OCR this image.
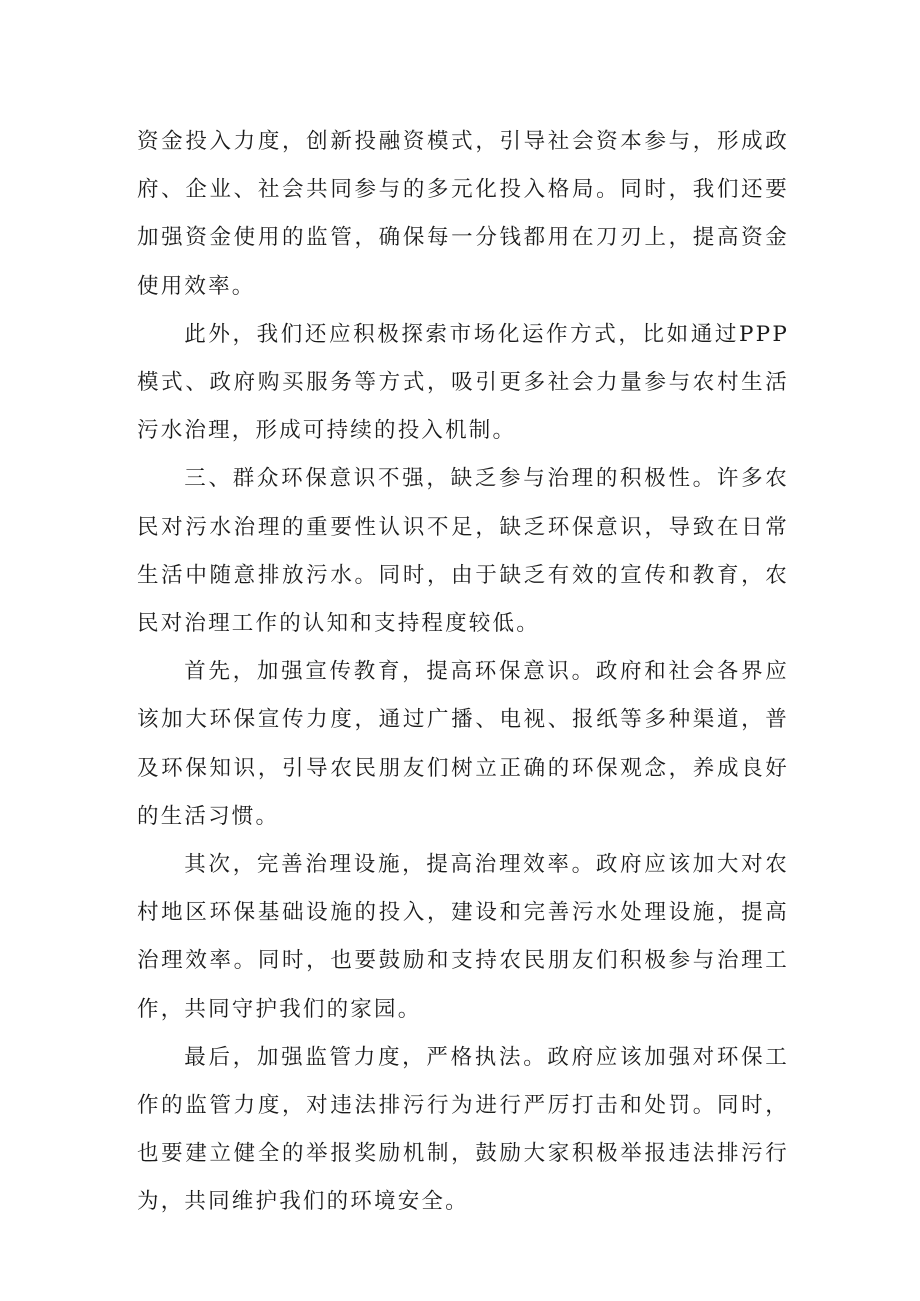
资金投入力度，创新投融资模式，引导社会资本参与，形成政府、企业、社会共同参与的多元化投入格局。同时，我们还要加强资金使用的监管，确保每一分钱都用在刀刃上，提高资金使用效率。

此外，我们还应积极探索市场化运作方式，比如通过PPP模式、政府购买服务等方式，吸引更多社会力量参与农村生活污水治理，形成可持续的投入机制。

三、群众环保意识不强，缺乏参与治理的积极性。许多农民对污水治理的重要性认识不足，缺乏环保意识，导致在日常生活中随意排放污水。同时，由于缺乏有效的宣传和教育，农民对治理工作的认知和支持程度较低。

首先，加强宣传教育，提高环保意识。政府和社会各界应该加大环保宣传力度，通过广播、电视、报纸等多种渠道，普及环保知识，引导农民朋友们树立正确的环保观念，养成良好的生活习惯。

其次，完善治理设施，提高治理效率。政府应该加大对农村地区环保基础设施的投入，建设和完善污水处理设施，提高治理效率。同时，也要鼓励和支持农民朋友们积极参与治理工作，共同守护我们的家园。

最后，加强监管力度，严格执法。政府应该加强对环保工作的监管力度，对违法排污行为进行严厉打击和处罚。同时，也要建立健全的举报奖励机制，鼓励大家积极举报违法排污行为，共同维护我们的环境安全。
